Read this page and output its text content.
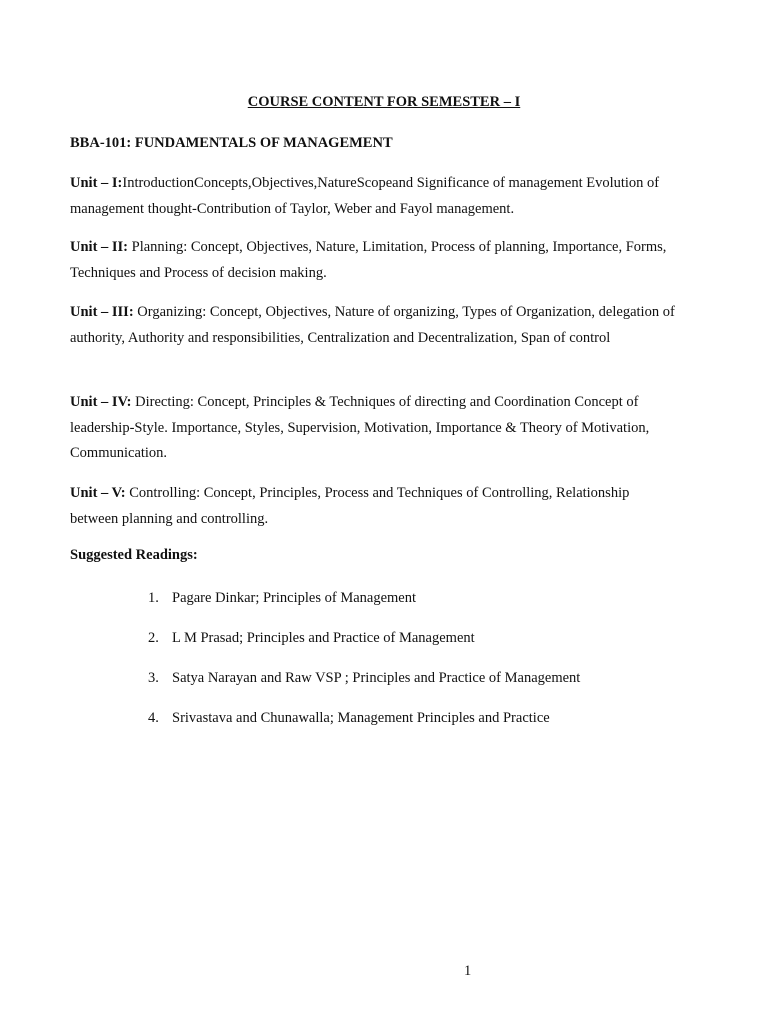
COURSE CONTENT FOR SEMESTER – I
BBA-101: FUNDAMENTALS OF MANAGEMENT
Unit – I:IntroductionConcepts,Objectives,NatureScopeand Significance of management Evolution of management thought-Contribution of Taylor, Weber and Fayol management.
Unit – II: Planning: Concept, Objectives, Nature, Limitation, Process of planning, Importance, Forms, Techniques and Process of decision making.
Unit – III: Organizing: Concept, Objectives, Nature of organizing, Types of Organization, delegation of authority, Authority and responsibilities, Centralization and Decentralization, Span of control
Unit – IV: Directing: Concept, Principles & Techniques of directing and Coordination Concept of leadership-Style. Importance, Styles, Supervision, Motivation, Importance & Theory of Motivation, Communication.
Unit – V: Controlling: Concept, Principles, Process and Techniques of Controlling, Relationship between planning and controlling.
Suggested Readings:
1. Pagare Dinkar; Principles of Management
2. L M Prasad; Principles and Practice of Management
3. Satya Narayan and Raw VSP ; Principles and Practice of Management
4. Srivastava and Chunawalla; Management Principles and Practice
1
